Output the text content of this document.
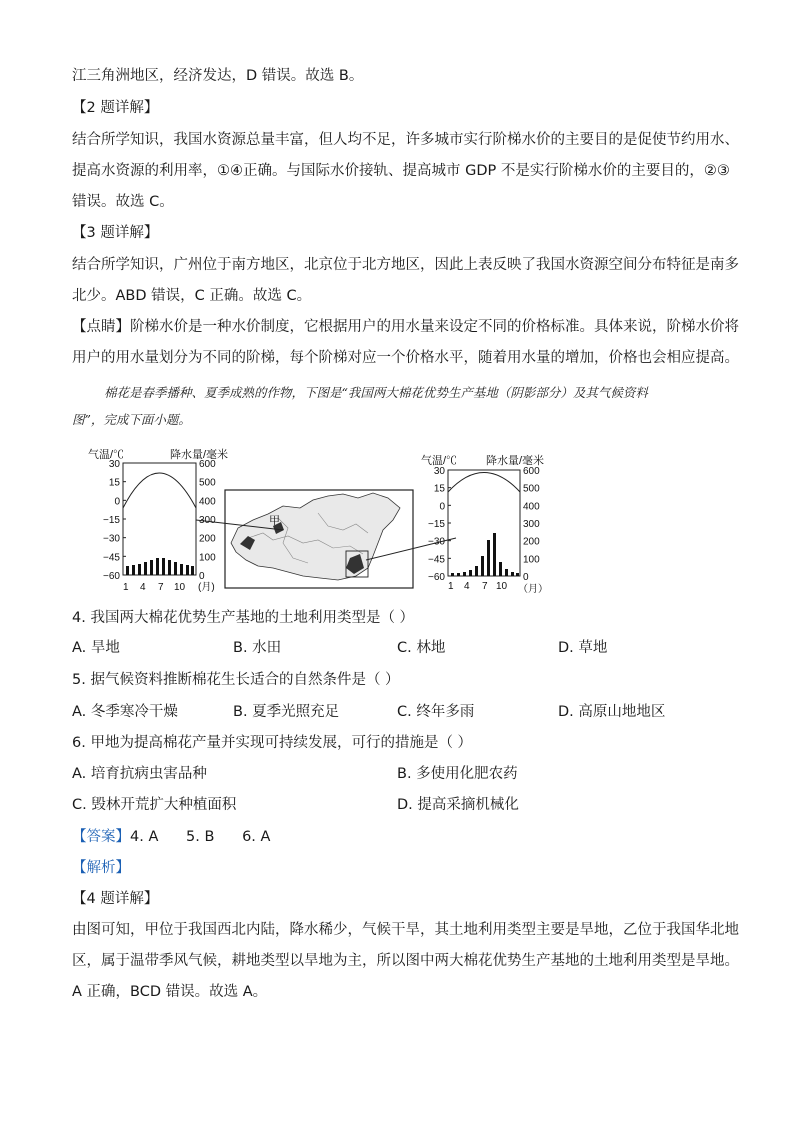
江三角洲地区，经济发达，D 错误。故选 B。
【2 题详解】
结合所学知识，我国水资源总量丰富，但人均不足，许多城市实行阶梯水价的主要目的是促使节约用水、
提高水资源的利用率，①④正确。与国际水价接轨、提高城市 GDP 不是实行阶梯水价的主要目的，②③
错误。故选 C。
【3 题详解】
结合所学知识，广州位于南方地区，北京位于北方地区，因此上表反映了我国水资源空间分布特征是南多
北少。ABD 错误，C 正确。故选 C。
【点睛】阶梯水价是一种水价制度，它根据用户的用水量来设定不同的价格标准。具体来说，阶梯水价将
用户的用水量划分为不同的阶梯，每个阶梯对应一个价格水平，随着用水量的增加，价格也会相应提高。
棉花是春季播种、夏季成熟的作物，下图是“我国两大棉花优势生产基地（阴影部分）及其气候资料
图”，完成下面小题。
气温/℃	降水量/毫米
30	600
15	500
0	400
−15	300
−30	200
−45	100
−60	0
1 4 7 10 (月)
甲
气温/℃	降水量/毫米
30	600
15	500
0	400
−15	300
−30	200
−45	100
−60	0
1 4 7 10 （月）
4. 我国两大棉花优势生产基地的土地利用类型是（ ）
A. 旱地	B. 水田	C. 林地	D. 草地
5. 据气候资料推断棉花生长适合的自然条件是（ ）
A. 冬季寒冷干燥	B. 夏季光照充足	C. 终年多雨	D. 高原山地地区
6. 甲地为提高棉花产量并实现可持续发展，可行的措施是（ ）
A. 培育抗病虫害品种	B. 多使用化肥农药
C. 毁林开荒扩大种植面积	D. 提高采摘机械化
【答案】4. A      5. B      6. A
【解析】
【4 题详解】
由图可知，甲位于我国西北内陆，降水稀少，气候干旱，其土地利用类型主要是旱地，乙位于我国华北地
区，属于温带季风气候，耕地类型以旱地为主，所以图中两大棉花优势生产基地的土地利用类型是旱地。
A 正确，BCD 错误。故选 A。
